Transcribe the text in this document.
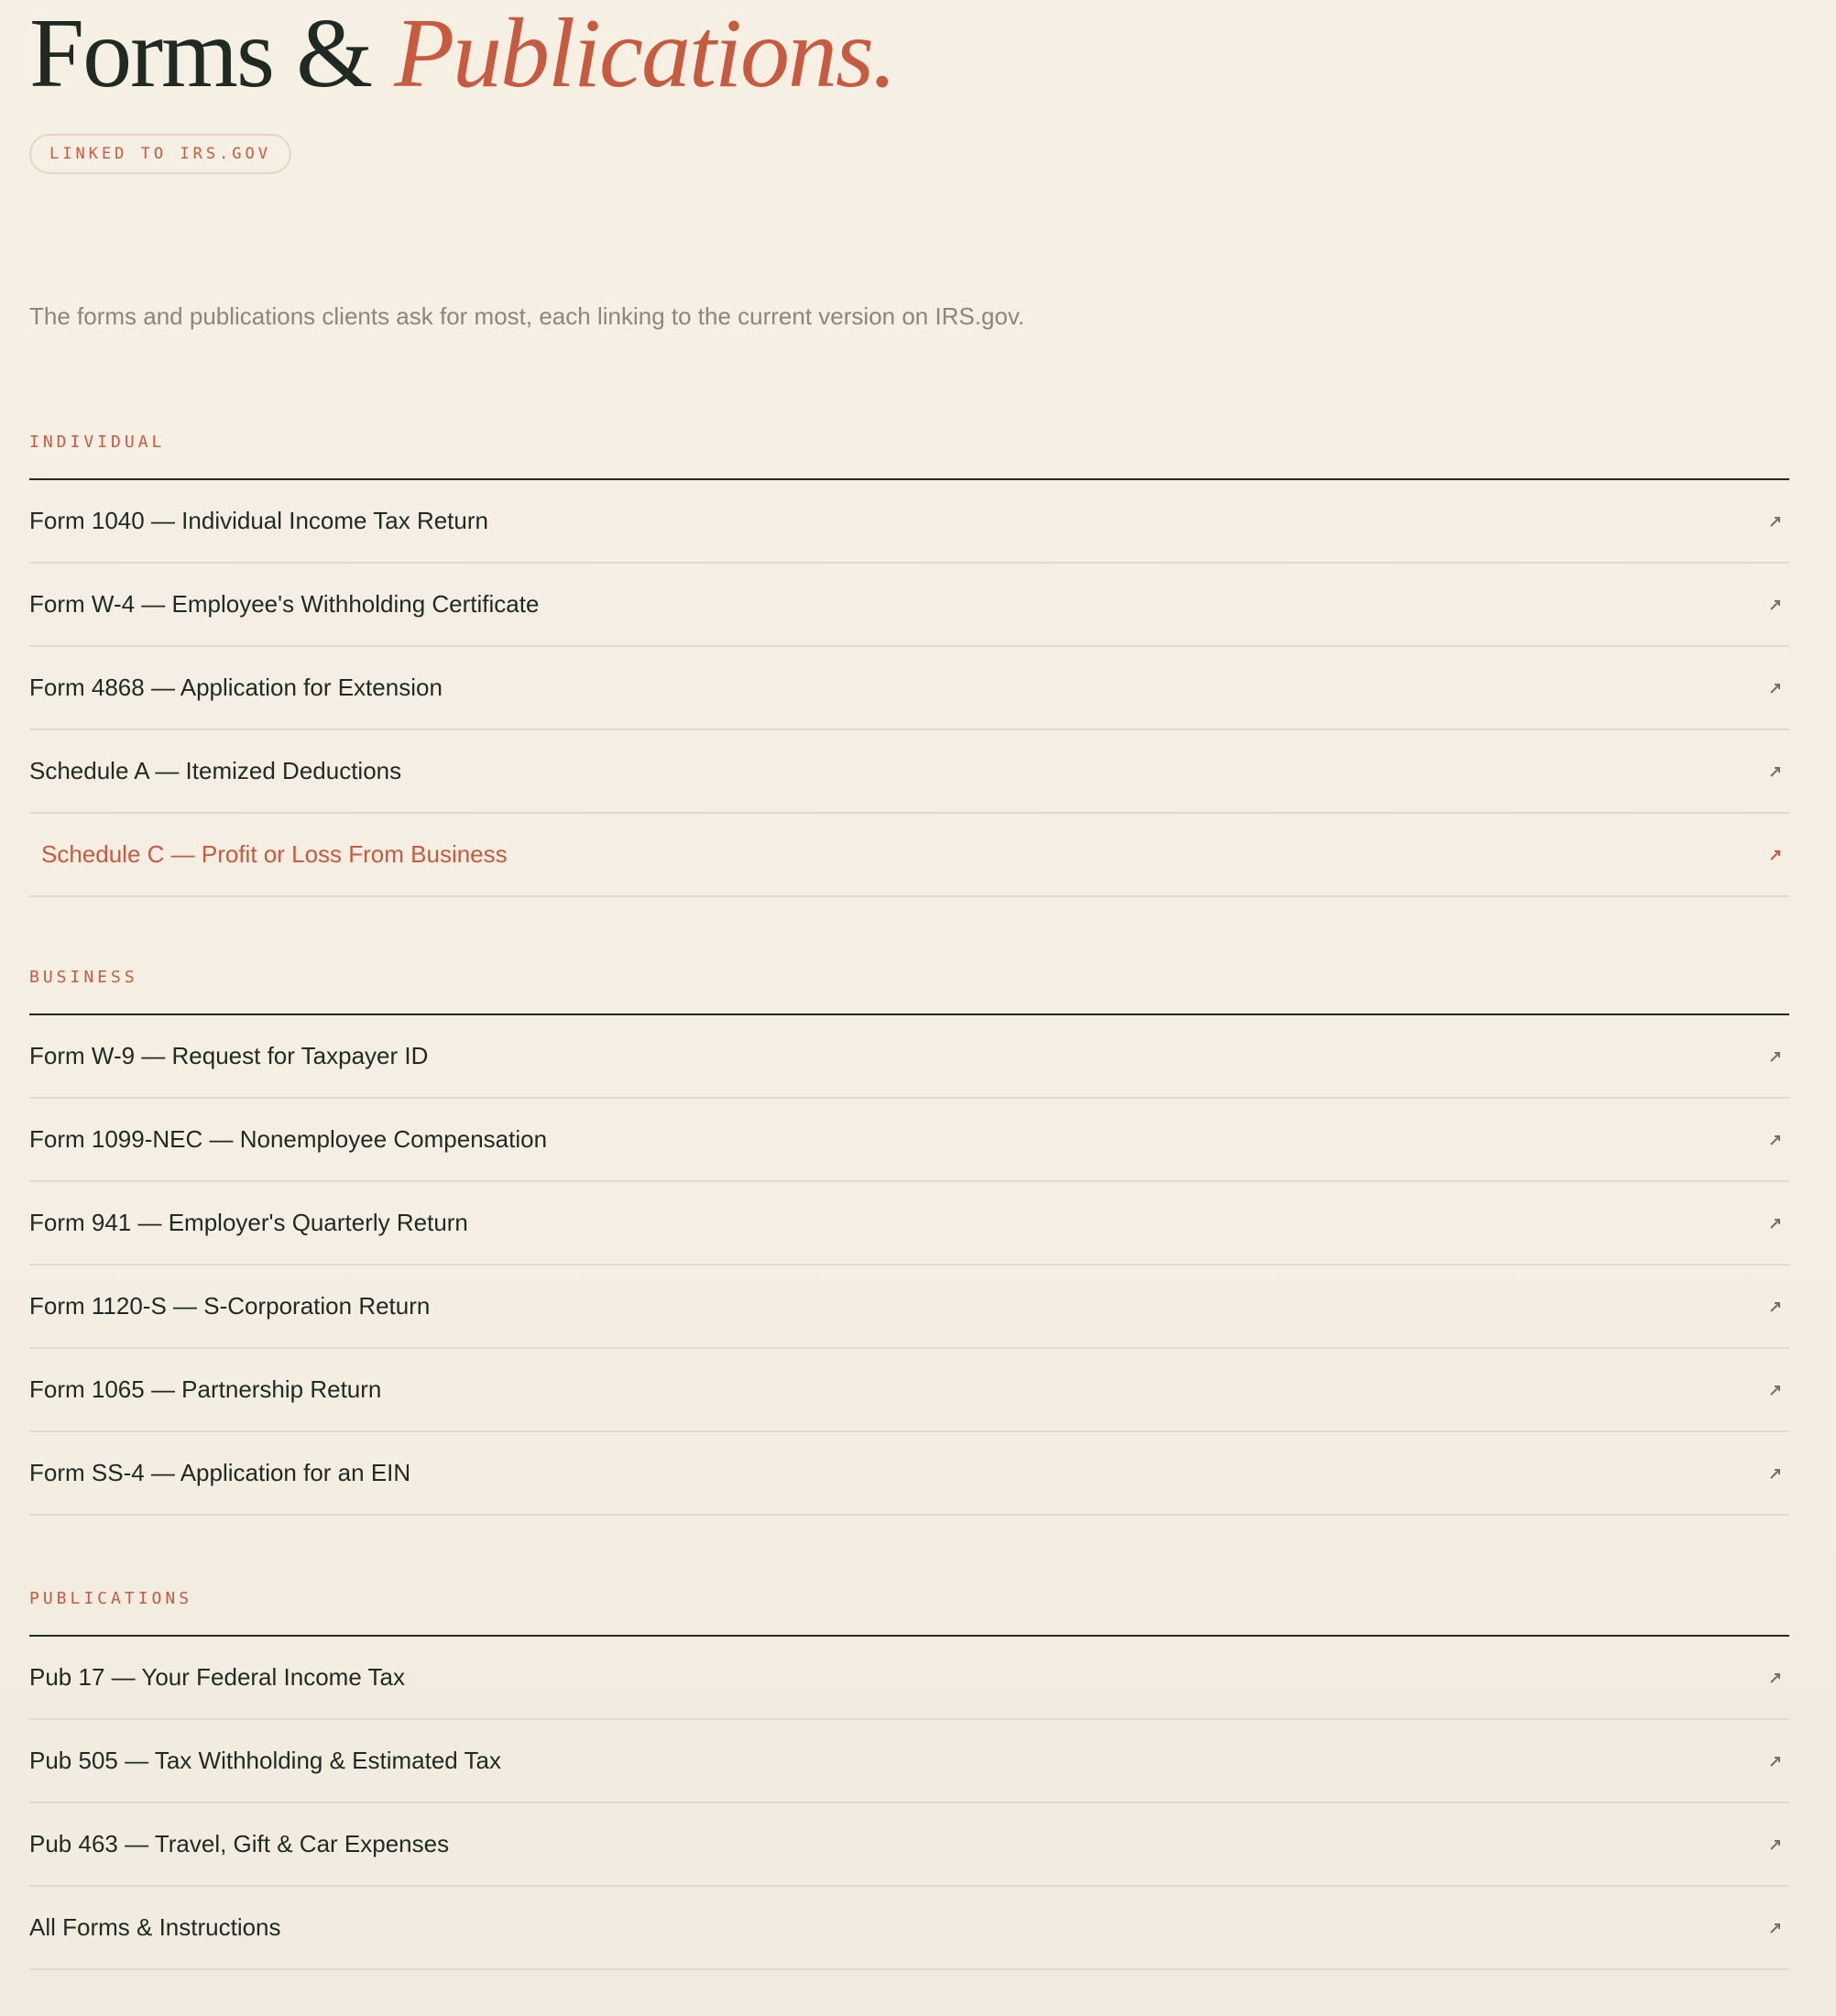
Forms & Publications.
LINKED TO IRS.GOV

The forms and publications clients ask for most, each linking to the current version on IRS.gov.

INDIVIDUAL
Form 1040 — Individual Income Tax Return
Form W-4 — Employee's Withholding Certificate
Form 4868 — Application for Extension
Schedule A — Itemized Deductions
Schedule C — Profit or Loss From Business
BUSINESS
Form W-9 — Request for Taxpayer ID
Form 1099-NEC — Nonemployee Compensation
Form 941 — Employer's Quarterly Return
Form 1120-S — S-Corporation Return
Form 1065 — Partnership Return
Form SS-4 — Application for an EIN
PUBLICATIONS
Pub 17 — Your Federal Income Tax
Pub 505 — Tax Withholding & Estimated Tax
Pub 463 — Travel, Gift & Car Expenses
All Forms & Instructions
